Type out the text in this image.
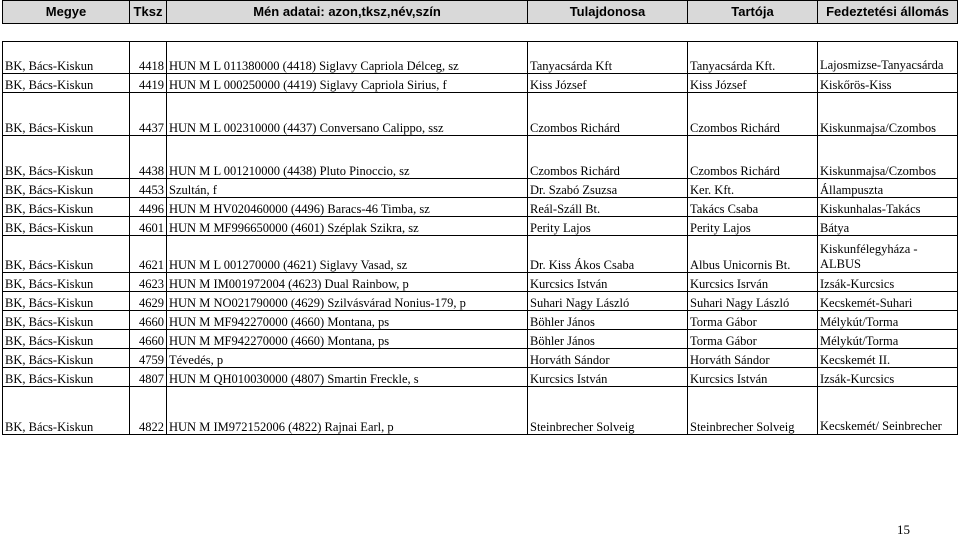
Megye	Tksz	Mén adatai: azon,tksz,név,szín	Tulajdonosa	Tartója	Fedeztetési állomás

BK, Bács-Kiskun	4418	HUN M L 011380000 (4418) Siglavy Capriola Délceg, sz	Tanyacsárda Kft	Tanyacsárda Kft.	Lajosmizse-Tanyacsárda
BK, Bács-Kiskun	4419	HUN M L 000250000 (4419) Siglavy Capriola Sirius, f	Kiss József	Kiss József	Kiskőrös-Kiss
BK, Bács-Kiskun	4437	HUN M L 002310000 (4437) Conversano Calippo, ssz	Czombos Richárd	Czombos Richárd	Kiskunmajsa/Czombos
BK, Bács-Kiskun	4438	HUN M L 001210000 (4438) Pluto Pinoccio, sz	Czombos Richárd	Czombos Richárd	Kiskunmajsa/Czombos
BK, Bács-Kiskun	4453	Szultán, f	Dr. Szabó Zsuzsa	Ker. Kft.	Állampuszta
BK, Bács-Kiskun	4496	HUN M HV020460000 (4496) Baracs-46 Timba, sz	Reál-Száll Bt.	Takács Csaba	Kiskunhalas-Takács
BK, Bács-Kiskun	4601	HUN M MF996650000 (4601) Széplak Szikra, sz	Perity Lajos	Perity Lajos	Bátya
BK, Bács-Kiskun	4621	HUN M L 001270000 (4621) Siglavy Vasad, sz	Dr. Kiss Ákos Csaba	Albus Unicornis Bt.	Kiskunfélegyháza - ALBUS
BK, Bács-Kiskun	4623	HUN M IM001972004 (4623) Dual Rainbow, p	Kurcsics István	Kurcsics Isrván	Izsák-Kurcsics
BK, Bács-Kiskun	4629	HUN M NO021790000 (4629) Szilvásvárad Nonius-179, p	Suhari Nagy László	Suhari Nagy László	Kecskemét-Suhari
BK, Bács-Kiskun	4660	HUN M MF942270000 (4660) Montana, ps	Böhler János	Torma Gábor	Mélykút/Torma
BK, Bács-Kiskun	4660	HUN M MF942270000 (4660) Montana, ps	Böhler János	Torma Gábor	Mélykút/Torma
BK, Bács-Kiskun	4759	Tévedés, p	Horváth Sándor	Horváth Sándor	Kecskemét II.
BK, Bács-Kiskun	4807	HUN M QH010030000 (4807) Smartin Freckle, s	Kurcsics István	Kurcsics István	Izsák-Kurcsics
BK, Bács-Kiskun	4822	HUN M IM972152006 (4822) Rajnai Earl, p	Steinbrecher Solveig	Steinbrecher Solveig	Kecskemét/ Seinbrecher
15
